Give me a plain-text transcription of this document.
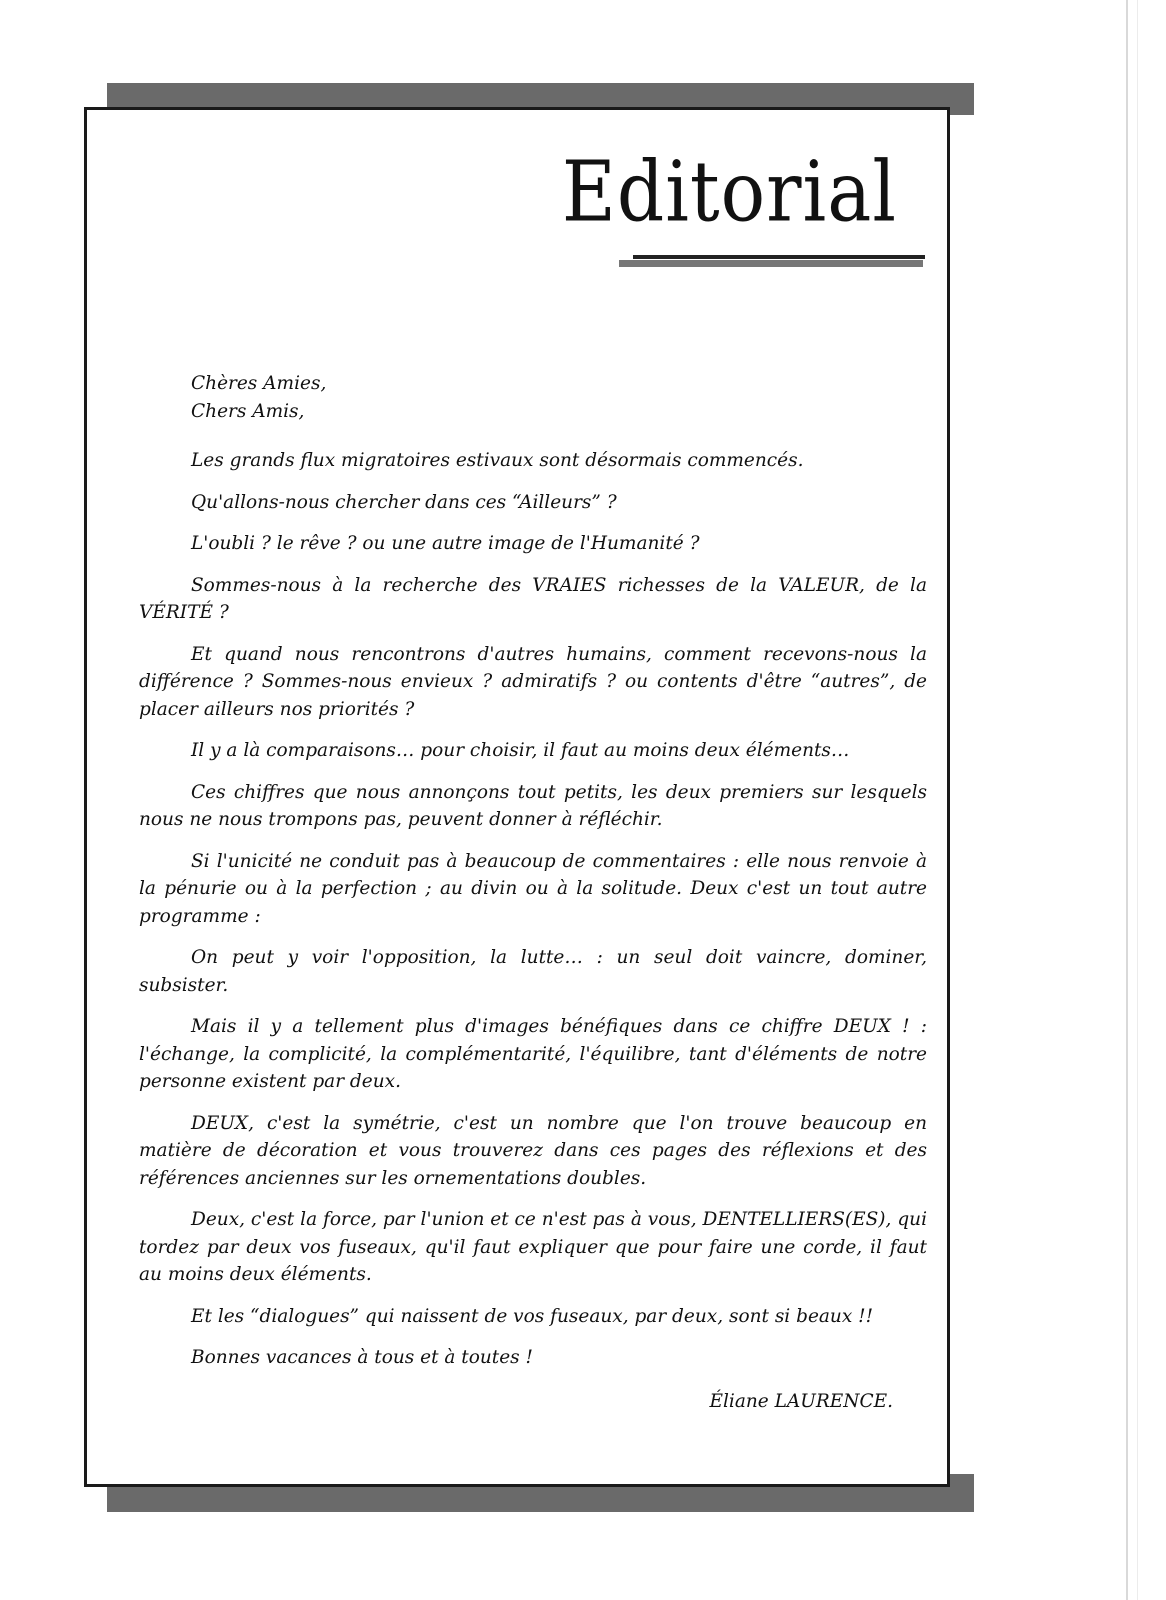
Editorial

Chères Amies,

Chers Amis,

Les grands flux migratoires estivaux sont désormais commencés.

Qu'allons-nous chercher dans ces “Ailleurs” ?

L'oubli ? le rêve ? ou une autre image de l'Humanité ?

Sommes-nous à la recherche des VRAIES richesses de la VALEUR, de la VÉRITÉ ?

Et quand nous rencontrons d'autres humains, comment recevons-nous la différence ? Sommes-nous envieux ? admiratifs ? ou contents d'être “autres”, de placer ailleurs nos priorités ?

Il y a là comparaisons… pour choisir, il faut au moins deux éléments…

Ces chiffres que nous annonçons tout petits, les deux premiers sur lesquels nous ne nous trompons pas, peuvent donner à réfléchir.

Si l'unicité ne conduit pas à beaucoup de commentaires : elle nous renvoie à la pénurie ou à la perfection ; au divin ou à la solitude. Deux c'est un tout autre programme :

On peut y voir l'opposition, la lutte… : un seul doit vaincre, dominer, subsister.

Mais il y a tellement plus d'images bénéfiques dans ce chiffre DEUX ! : l'échange, la complicité, la complémentarité, l'équilibre, tant d'éléments de notre personne existent par deux.

DEUX, c'est la symétrie, c'est un nombre que l'on trouve beaucoup en matière de décoration et vous trouverez dans ces pages des réflexions et des références anciennes sur les ornementations doubles.

Deux, c'est la force, par l'union et ce n'est pas à vous, DENTELLIERS(ES), qui tordez par deux vos fuseaux, qu'il faut expliquer que pour faire une corde, il faut au moins deux éléments.

Et les “dialogues” qui naissent de vos fuseaux, par deux, sont si beaux !!

Bonnes vacances à tous et à toutes !

Éliane LAURENCE.
